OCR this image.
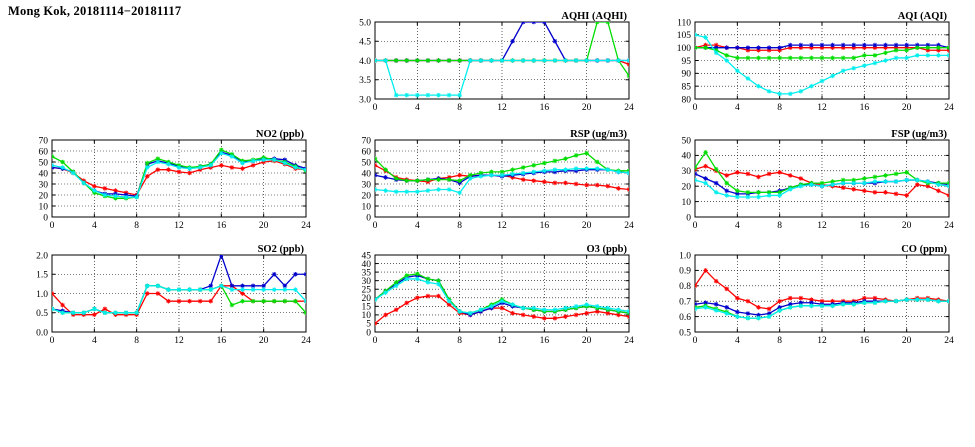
Mong Kok, 20181114−20181117
0	4	8	12	16	20	24
3.0
3.5
4.0
4.5
5.0
AQHI (AQHI)
0	4	8	12	16	20	24
80
85
90
95
100
105
110
AQI (AQI)
0	4	8	12	16	20	24
0
10
20
30
40
50
60
70
NO2 (ppb)
0	4	8	12	16	20	24
0
10
20
30
40
50
60
70
RSP (ug/m3)
0	4	8	12	16	20	24
0
10
20
30
40
50
FSP (ug/m3)
0	4	8	12	16	20	24
0.0
0.5
1.0
1.5
2.0
SO2 (ppb)
0	4	8	12	16	20	24
0
5
10
15
20
25
30
35
40
45
O3 (ppb)
0	4	8	12	16	20	24
0.5
0.6
0.7
0.8
0.9
1.0
CO (ppm)
